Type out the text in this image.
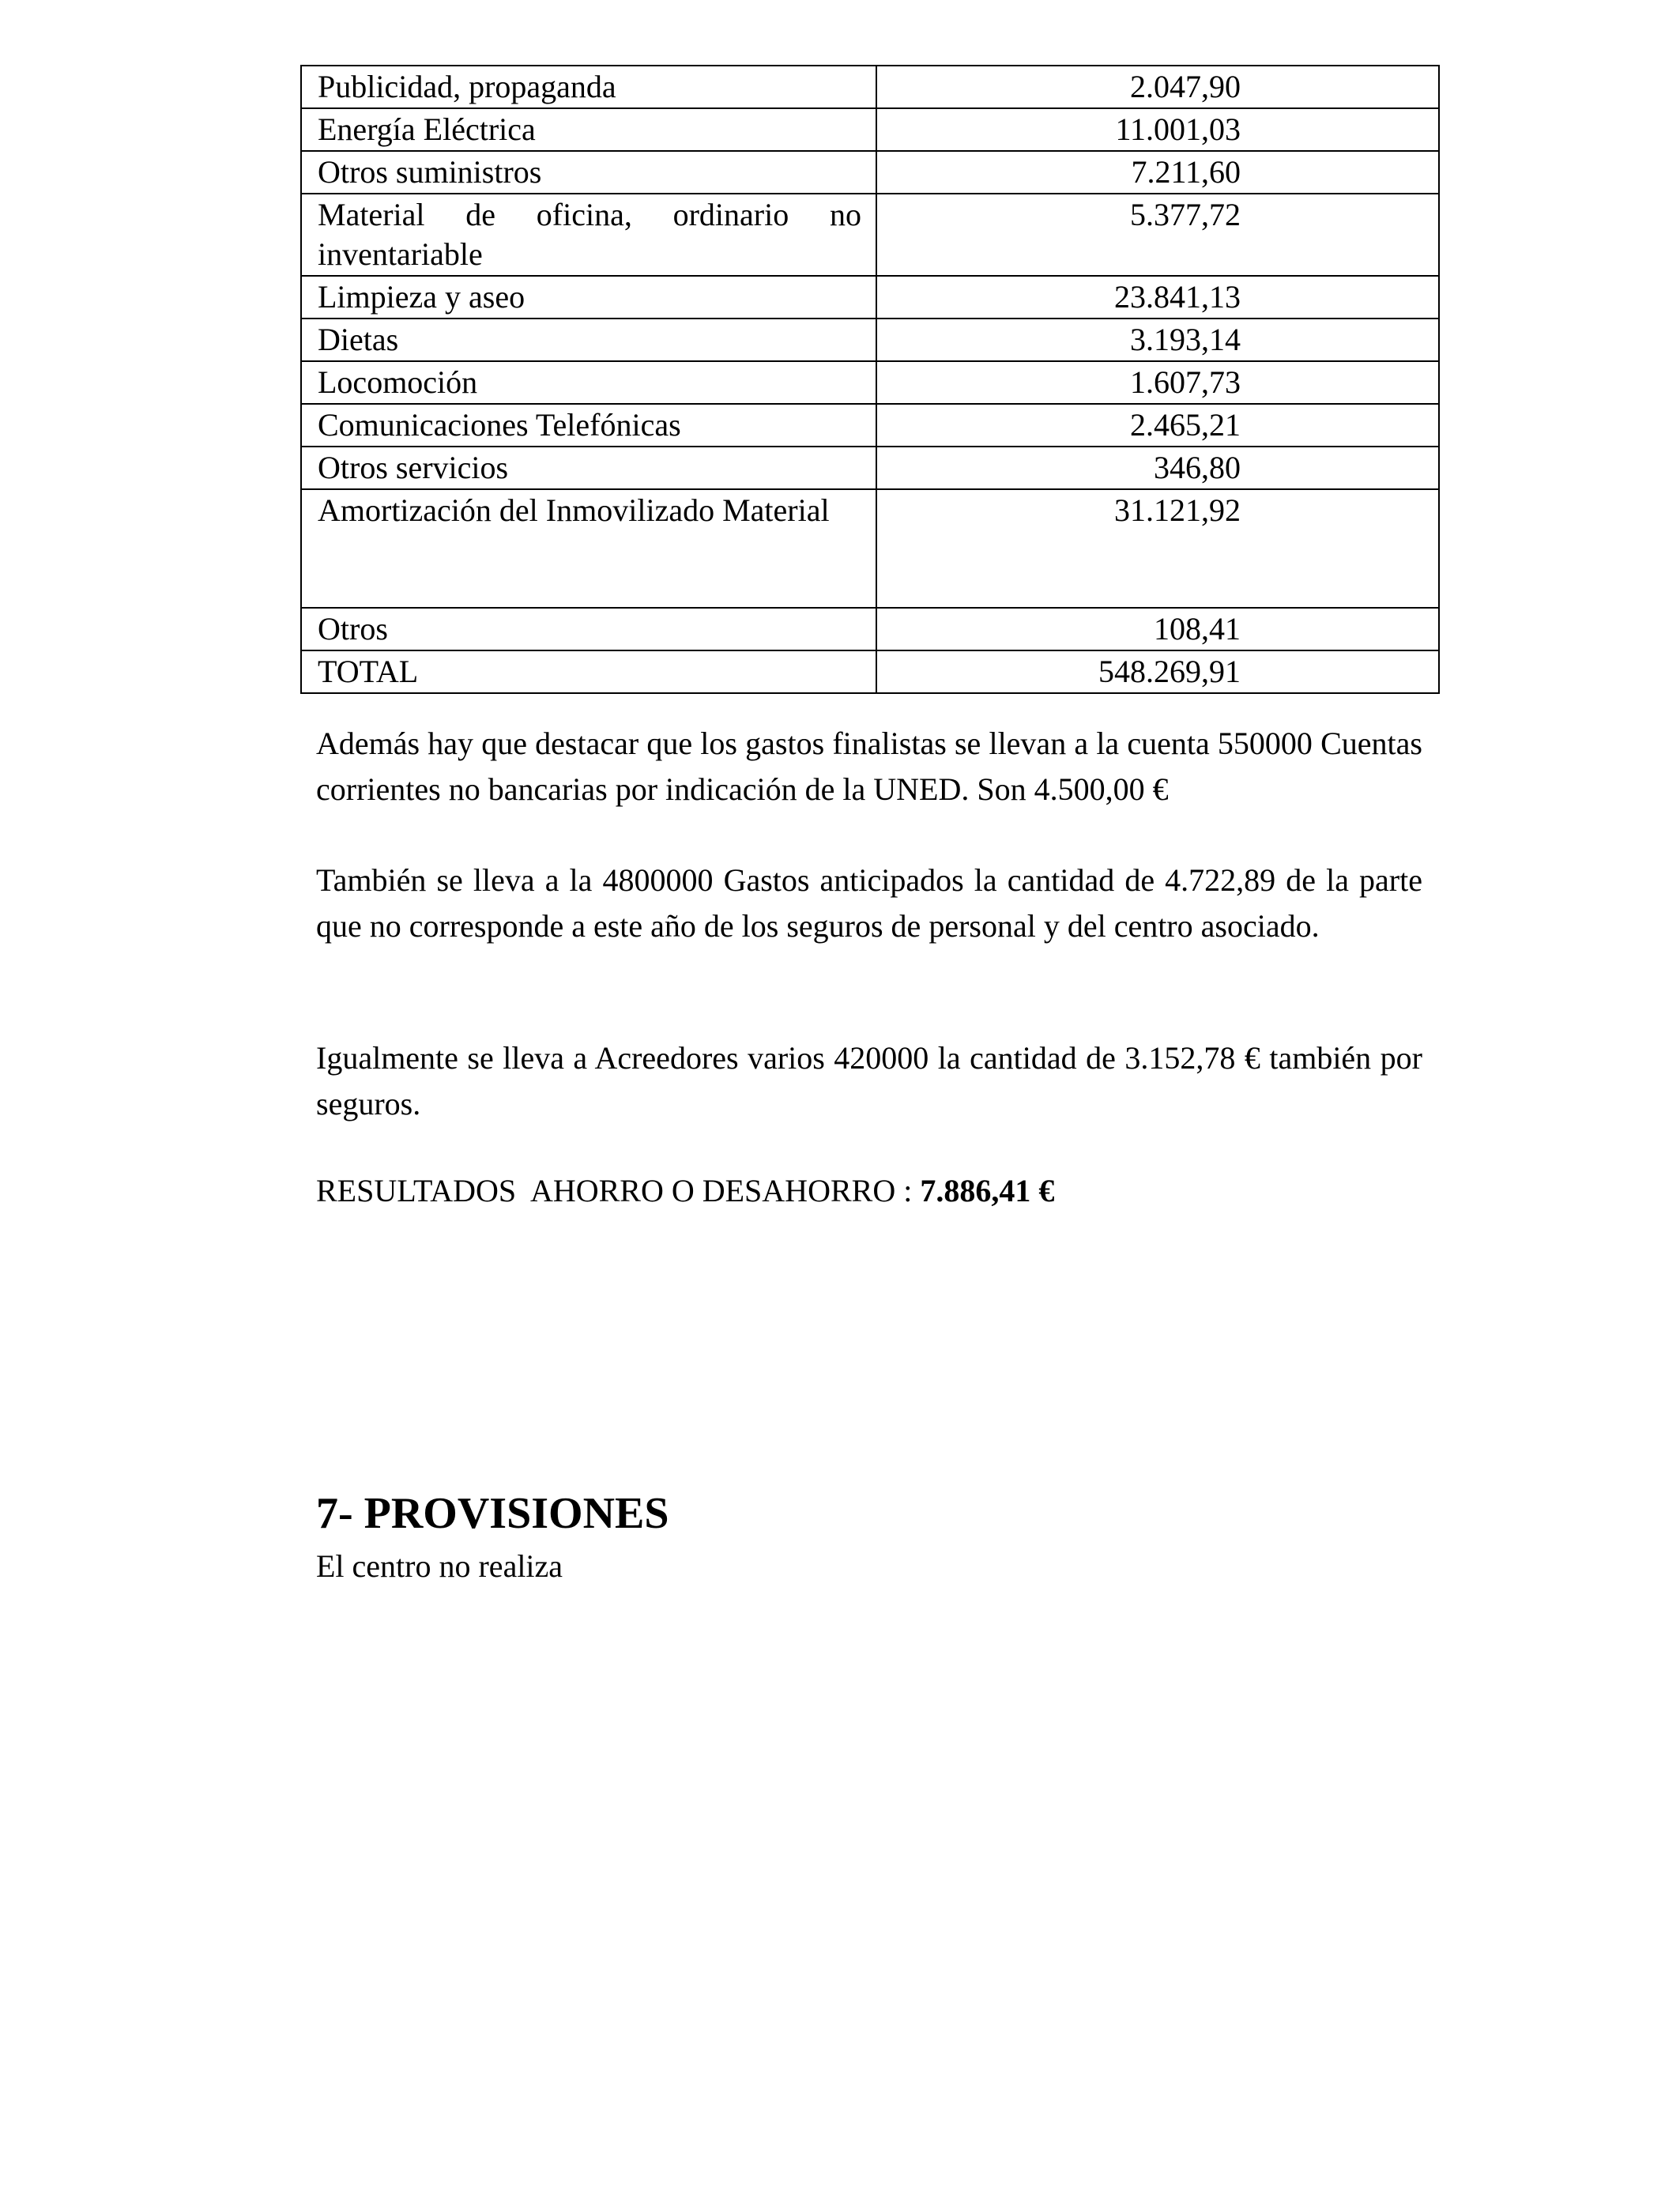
Publicidad, propaganda	2.047,90
Energía Eléctrica	11.001,03
Otros suministros	7.211,60
Material de oficina, ordinario no inventariable	5.377,72
Limpieza y aseo	23.841,13
Dietas	3.193,14
Locomoción	1.607,73
Comunicaciones Telefónicas	2.465,21
Otros servicios	346,80
Amortización del Inmovilizado Material	31.121,92
Otros	108,41
TOTAL	548.269,91

Además hay que destacar que los gastos finalistas se llevan a la cuenta 550000 Cuentas corrientes no bancarias por indicación de la UNED. Son 4.500,00 €

También se lleva a la 4800000 Gastos anticipados la cantidad de 4.722,89 de la parte que no corresponde a este año de los seguros de personal y del centro asociado.

Igualmente se lleva a Acreedores varios 420000 la cantidad de 3.152,78 € también por seguros.

RESULTADOS  AHORRO O DESAHORRO : 7.886,41 €

7- PROVISIONES

El centro no realiza
